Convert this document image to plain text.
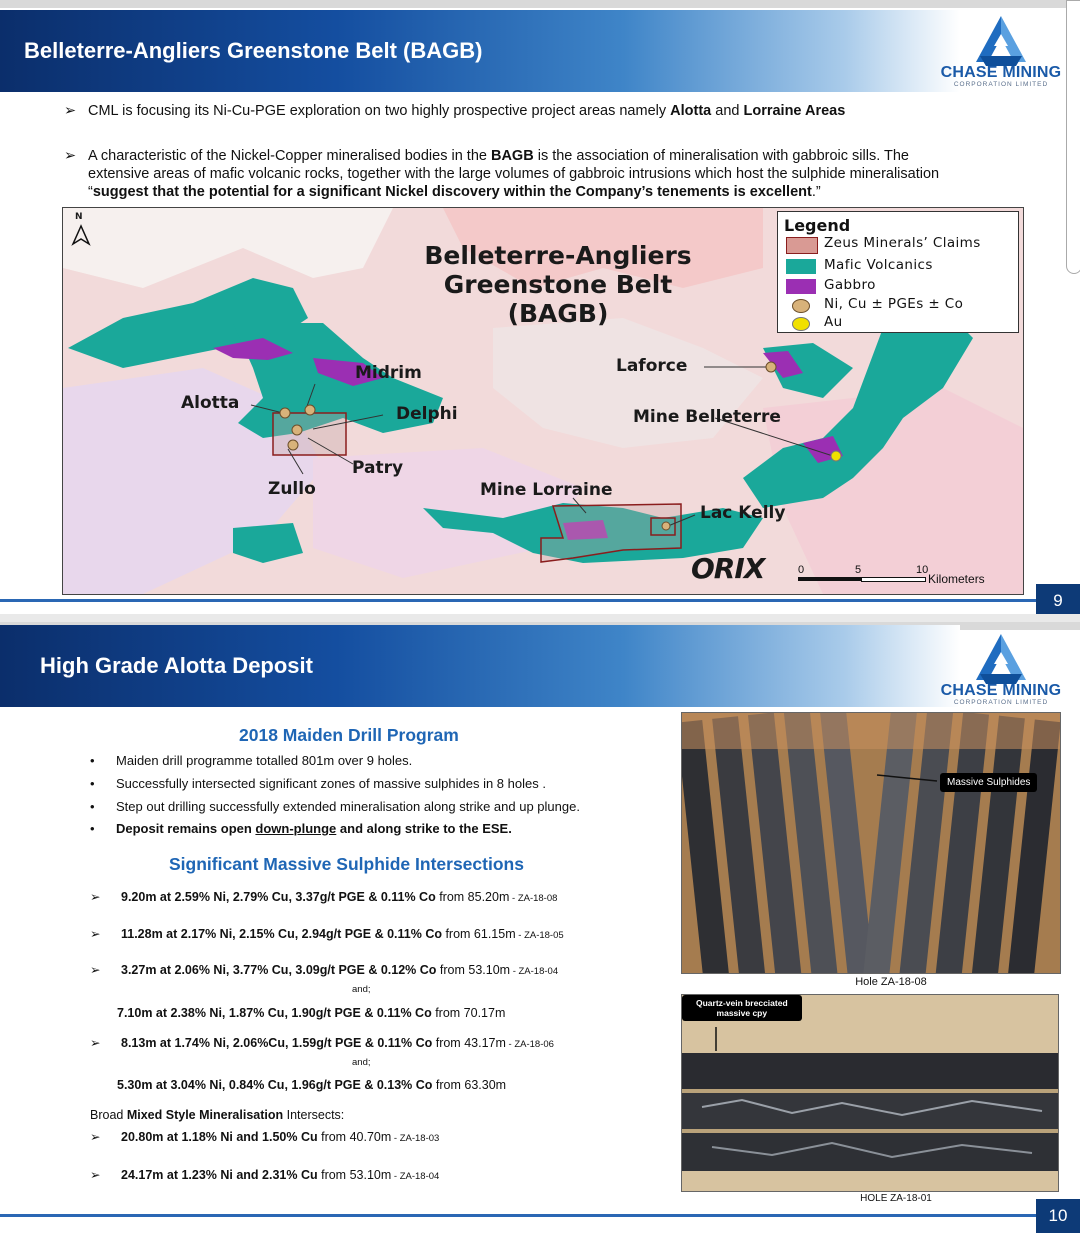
Belleterre-Angliers Greenstone Belt (BAGB)
CHASE MINING
CORPORATION LIMITED
➢ CML is focusing its Ni-Cu-PGE exploration on two highly prospective project areas namely Alotta and Lorraine Areas
➢ A characteristic of the Nickel-Copper mineralised bodies in the BAGB is the association of mineralisation with gabbroic sills. The
extensive areas of mafic volcanic rocks, together with the large volumes of gabbroic intrusions which host the sulphide mineralisation
“suggest that the potential for a significant Nickel discovery within the Company’s tenements is excellent.”
N
Belleterre-Angliers
Greenstone Belt
(BAGB)
Legend
Zeus Minerals’ Claims
Mafic Volcanics
Gabbro
Ni, Cu ± PGEs ± Co
Au
Midrim
Alotta
Delphi
Patry
Zullo
Laforce
Mine Belleterre
Mine Lorraine
Lac Kelly
ORIX	0	5	10
Kilometers
9
High Grade Alotta Deposit
CHASE MINING
CORPORATION LIMITED
2018 Maiden Drill Program
• Maiden drill programme totalled 801m over 9 holes.
• Successfully intersected significant zones of massive sulphides in 8 holes .
• Step out drilling successfully extended mineralisation along strike and up plunge.
• Deposit remains open down-plunge and along strike to the ESE.
Significant Massive Sulphide Intersections
➢ 9.20m at 2.59% Ni, 2.79% Cu, 3.37g/t PGE & 0.11% Co from 85.20m - ZA-18-08
➢ 11.28m at 2.17% Ni, 2.15% Cu, 2.94g/t PGE & 0.11% Co from 61.15m - ZA-18-05
➢ 3.27m at 2.06% Ni, 3.77% Cu, 3.09g/t PGE & 0.12% Co from 53.10m - ZA-18-04
and;
7.10m at 2.38% Ni, 1.87% Cu, 1.90g/t PGE & 0.11% Co from 70.17m
➢ 8.13m at 1.74% Ni, 2.06%Cu, 1.59g/t PGE & 0.11% Co from 43.17m - ZA-18-06
and;
5.30m at 3.04% Ni, 0.84% Cu, 1.96g/t PGE & 0.13% Co from 63.30m
Broad Mixed Style Mineralisation Intersects:
➢ 20.80m at 1.18% Ni and 1.50% Cu from 40.70m - ZA-18-03
➢ 24.17m at 1.23% Ni and 2.31% Cu from 53.10m - ZA-18-04
Massive Sulphides
Hole ZA-18-08
Quartz-vein brecciated
massive cpy
HOLE ZA-18-01
10
